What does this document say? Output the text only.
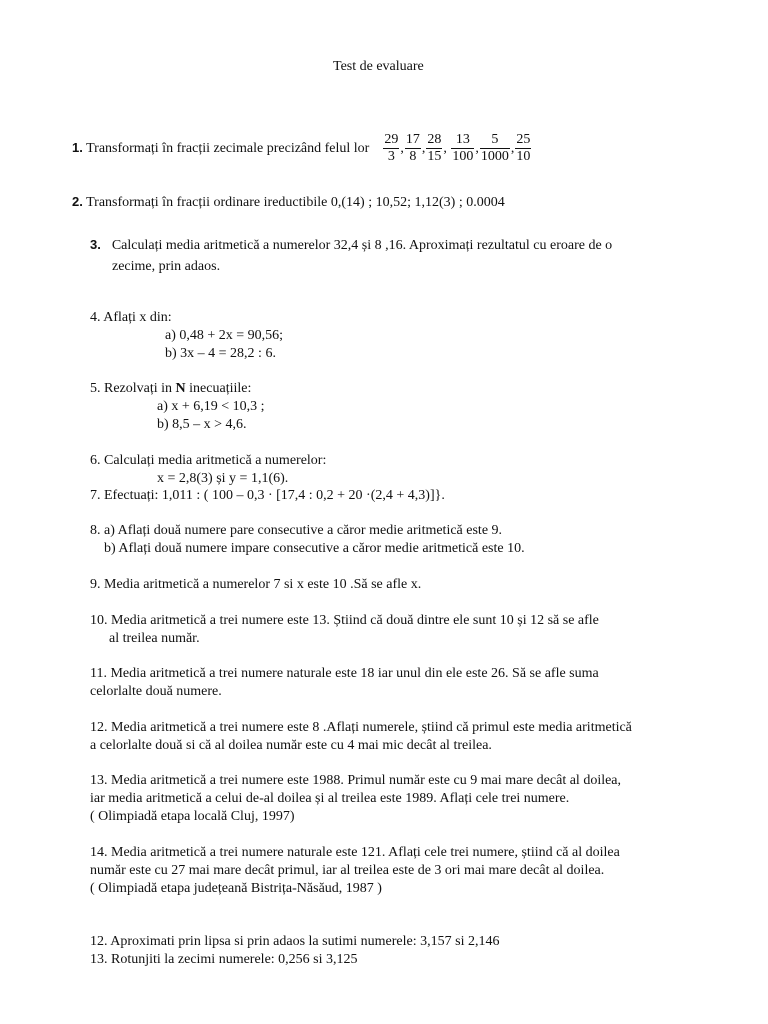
Test de evaluare
1. Transformați în fracții zecimale precizând felul lor $\frac{29}{3}$ , $\frac{17}{8}$ , $\frac{28}{15}$ , $\frac{13}{100}$ , $\frac{5}{1000}$ , $\frac{25}{10}$
2. Transformați în fracții ordinare ireductibile 0,(14) ; 10,52; 1,12(3) ; 0.0004
3. Calculați media aritmetică a numerelor 32,4 și 8 ,16. Aproximați rezultatul cu eroare de o
zecime, prin adaos.
4. Aflați x din:
a) 0,48 + 2x = 90,56;
b) 3x – 4 = 28,2 : 6.
5. Rezolvați in N inecuațiile:
a) x + 6,19 < 10,3 ;
b) 8,5 – x > 4,6.
6. Calculați media aritmetică a numerelor:
x = 2,8(3) și y = 1,1(6).
7. Efectuați: 1,011 : ( 100 – 0,3 · [17,4 : 0,2 + 20 ·(2,4 + 4,3)]}.
8. a) Aflați două numere pare consecutive a căror medie aritmetică este 9.
b) Aflați două numere impare consecutive a căror medie aritmetică este 10.
9. Media aritmetică a numerelor 7 si x este 10 .Să se afle x.
10. Media aritmetică a trei numere este 13. Știind că două dintre ele sunt 10 și 12 să se afle
al treilea număr.
11. Media aritmetică a trei numere naturale este 18 iar unul din ele este 26. Să se afle suma
celorlalte două numere.
12. Media aritmetică a trei numere este 8 .Aflați numerele, știind că primul este media aritmetică
a celorlalte două si că al doilea număr este cu 4 mai mic decât al treilea.
13. Media aritmetică a trei numere este 1988. Primul număr este cu 9 mai mare decât al doilea,
iar media aritmetică a celui de-al doilea și al treilea este 1989. Aflați cele trei numere.
( Olimpiadă etapa locală Cluj, 1997)
14. Media aritmetică a trei numere naturale este 121. Aflați cele trei numere, știind că al doilea
număr este cu 27 mai mare decât primul, iar al treilea este de 3 ori mai mare decât al doilea.
( Olimpiadă etapa județeană Bistrița-Năsăud, 1987 )
12. Aproximati prin lipsa si prin adaos la sutimi numerele: 3,157 si 2,146
13. Rotunjiti la zecimi numerele: 0,256 si 3,125
